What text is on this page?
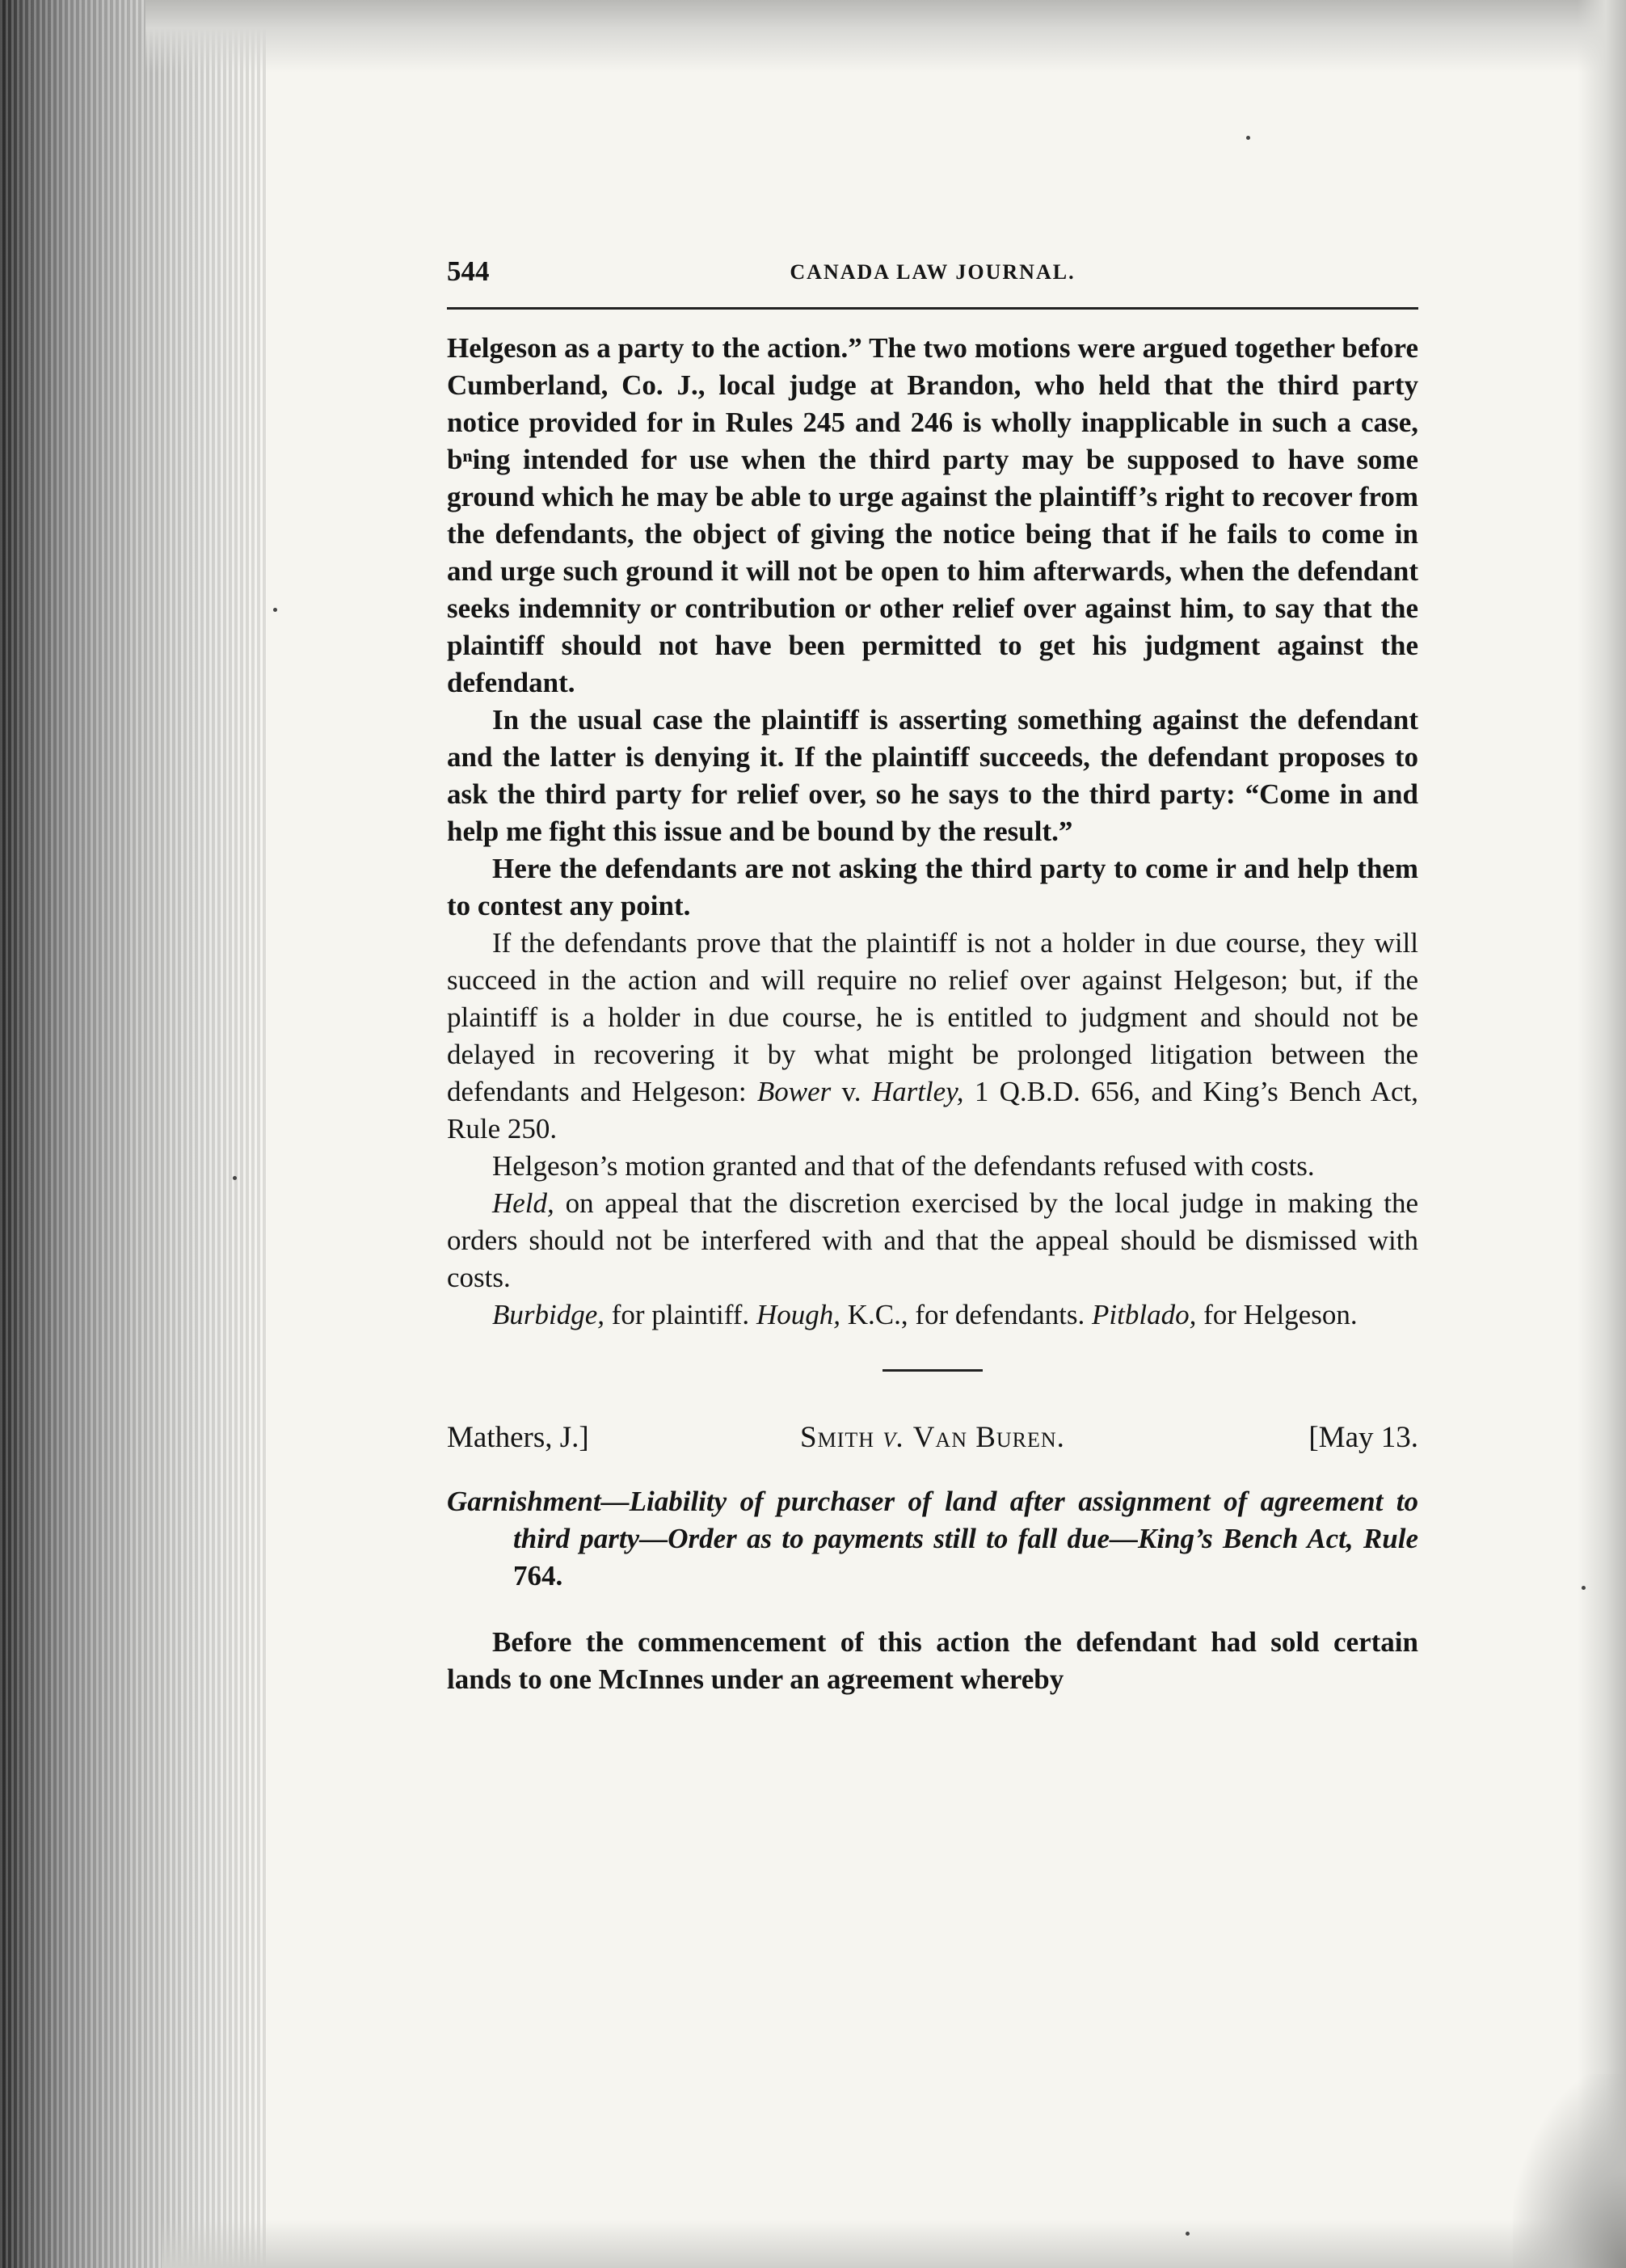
544	CANADA LAW JOURNAL.

Helgeson as a party to the action.” The two motions were argued together before Cumberland, Co. J., local judge at Brandon, who held that the third party notice provided for in Rules 245 and 246 is wholly inapplicable in such a case, bⁿing intended for use when the third party may be supposed to have some ground which he may be able to urge against the plaintiff’s right to recover from the defendants, the object of giving the notice being that if he fails to come in and urge such ground it will not be open to him afterwards, when the defendant seeks indemnity or contribution or other relief over against him, to say that the plaintiff should not have been permitted to get his judgment against the defendant.

In the usual case the plaintiff is asserting something against the defendant and the latter is denying it. If the plaintiff succeeds, the defendant proposes to ask the third party for relief over, so he says to the third party: “Come in and help me fight this issue and be bound by the result.”

Here the defendants are not asking the third party to come ir and help them to contest any point.

If the defendants prove that the plaintiff is not a holder in due course, they will succeed in the action and will require no relief over against Helgeson; but, if the plaintiff is a holder in due course, he is entitled to judgment and should not be delayed in recovering it by what might be prolonged litigation between the defendants and Helgeson: Bower v. Hartley, 1 Q.B.D. 656, and King’s Bench Act, Rule 250.

Helgeson’s motion granted and that of the defendants refused with costs.

Held, on appeal that the discretion exercised by the local judge in making the orders should not be interfered with and that the appeal should be dismissed with costs.

Burbidge, for plaintiff. Hough, K.C., for defendants. Pitblado, for Helgeson.

Mathers, J.]	Smith v. Van Buren.	[May 13.
Garnishment—Liability of purchaser of land after assignment of agreement to third party—Order as to payments still to fall due—King’s Bench Act, Rule 764.

Before the commencement of this action the defendant had sold certain lands to one McInnes under an agreement whereby
